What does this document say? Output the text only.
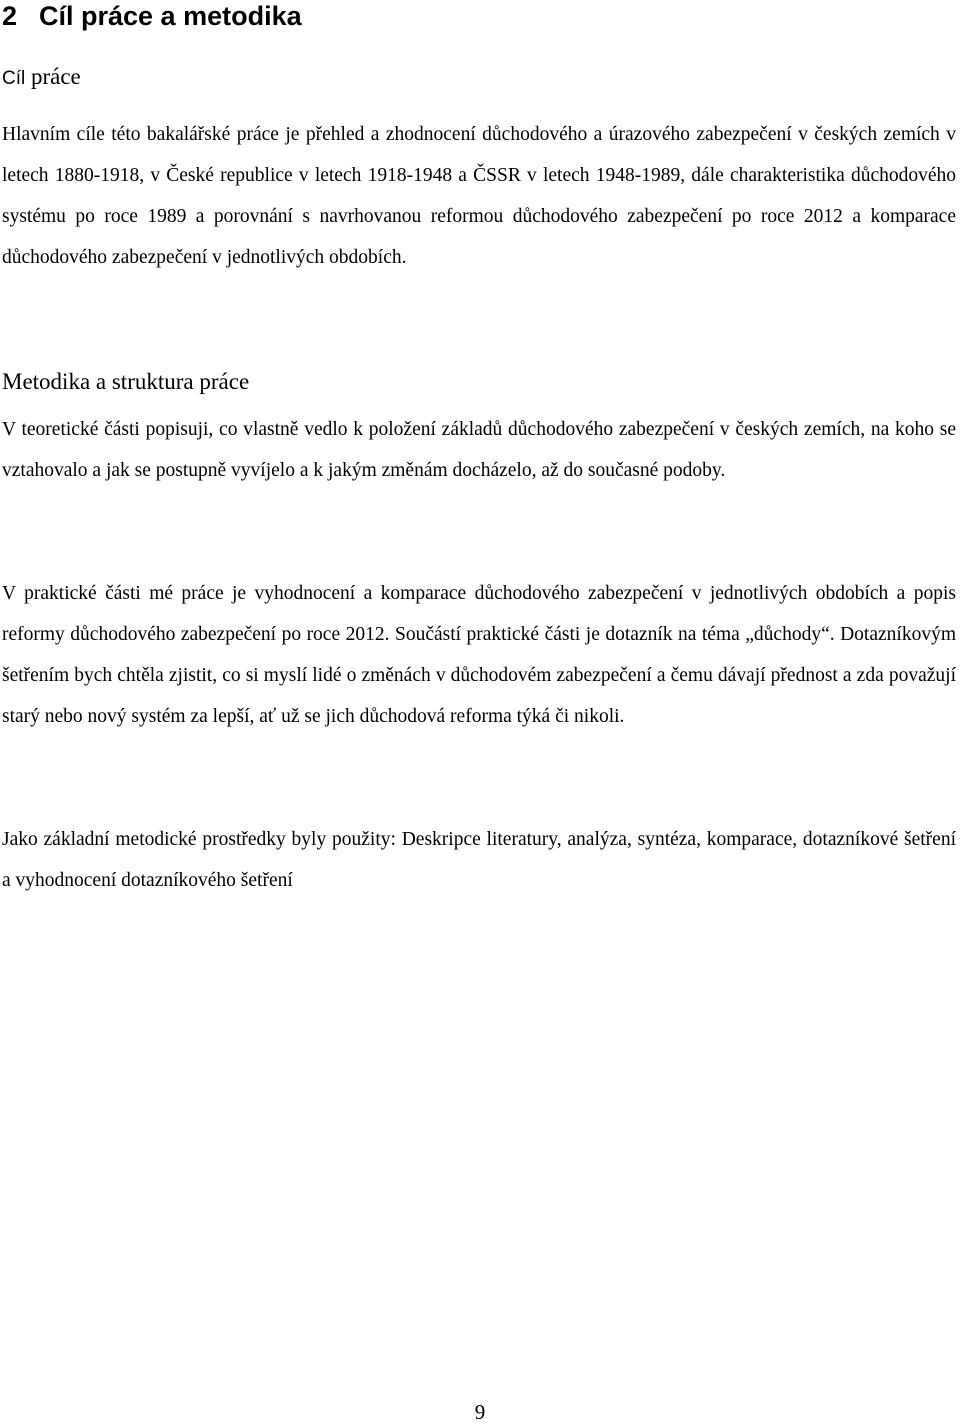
2 Cíl práce a metodika
Cíl práce

Hlavním cíle této bakalářské práce je přehled a zhodnocení důchodového a úrazového zabezpečení v českých zemích v letech 1880-1918, v České republice v letech 1918-1948 a ČSSR v letech 1948-1989, dále charakteristika důchodového systému po roce 1989 a porovnání s navrhovanou reformou důchodového zabezpečení po roce 2012 a komparace důchodového zabezpečení v jednotlivých obdobích.

Metodika a struktura práce

V teoretické části popisuji, co vlastně vedlo k položení základů důchodového zabezpečení v českých zemích, na koho se vztahovalo a jak se postupně vyvíjelo a k jakým změnám docházelo, až do současné podoby.

V praktické části mé práce je vyhodnocení a komparace důchodového zabezpečení v jednotlivých obdobích a popis reformy důchodového zabezpečení po roce 2012. Součástí praktické části je dotazník na téma „důchody“. Dotazníkovým šetřením bych chtěla zjistit, co si myslí lidé o změnách v důchodovém zabezpečení a čemu dávají přednost a zda považují starý nebo nový systém za lepší, ať už se jich důchodová reforma týká či nikoli.

Jako základní metodické prostředky byly použity: Deskripce literatury, analýza, syntéza, komparace, dotazníkové šetření a vyhodnocení dotazníkového šetření

9
